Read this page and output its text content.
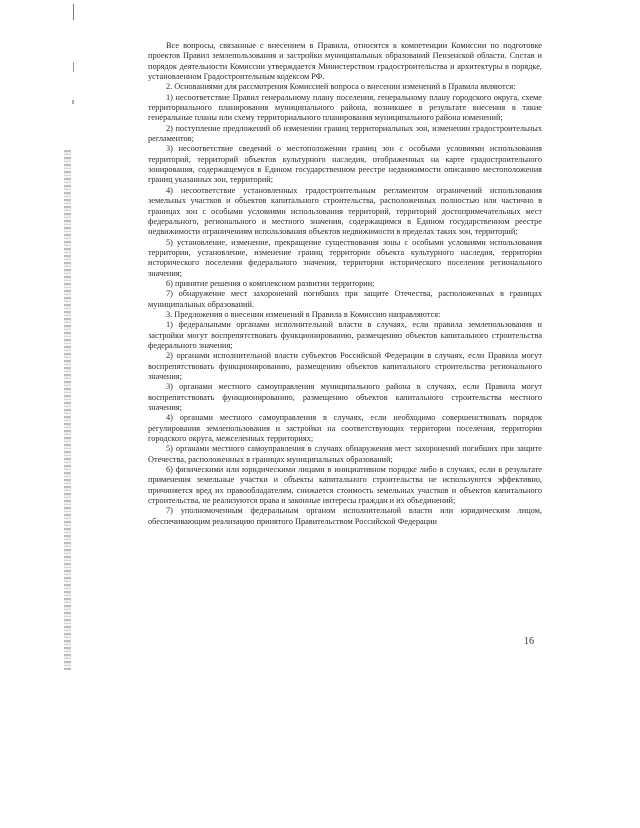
Все вопросы, связанные с внесением в Правила, относятся к компетенции Комиссии по подготовке проектов Правил землепользования и застройки муниципальных образований Пензенской области. Состав и порядок деятельности Комиссии утверждается Министерством градостроительства и архитектуры в порядке, установленном Градостроительным кодексом РФ.

2. Основаниями для рассмотрения Комиссией вопроса о внесении изменений в Правила являются:

1) несоответствие Правил генеральному плану поселения, генеральному плану городского округа, схеме территориального планирования муниципального района, возникшее в результате внесения в такие генеральные планы или схему территориального планирования муниципального района изменений;

2) поступление предложений об изменении границ территориальных зон, изменении градостроительных регламентов;

3) несоответствие сведений о местоположении границ зон с особыми условиями использования территорий, территорий объектов культурного наследия, отображенных на карте градостроительного зонирования, содержащемуся в Едином государственном реестре недвижимости описанию местоположения границ указанных зон, территорий;

4) несоответствие установленных градостроительным регламентом ограничений использования земельных участков и объектов капитального строительства, расположенных полностью или частично в границах зон с особыми условиями использования территорий, территорий достопримечательных мест федерального, регионального и местного значения, содержащимся в Едином государственном реестре недвижимости ограничениям использования объектов недвижимости в пределах таких зон, территорий;

5) установление, изменение, прекращение существования зоны с особыми условиями использования территории, установление, изменение границ территории объекта культурного наследия, территории исторического поселения федерального значения, территории исторического поселения регионального значения;

6) принятие решения о комплексном развитии территории;

7) обнаружение мест захоронений погибших при защите Отечества, расположенных в границах муниципальных образований.

3. Предложения о внесении изменений в Правила в Комиссию направляются:

1) федеральными органами исполнительной власти в случаях, если правила землепользования и застройки могут воспрепятствовать функционированию, размещению объектов капитального строительства федерального значения;

2) органами исполнительной власти субъектов Российской Федерации в случаях, если Правила могут воспрепятствовать функционированию, размещению объектов капитального строительства регионального значения;

3) органами местного самоуправления муниципального района в случаях, если Правила могут воспрепятствовать функционированию, размещению объектов капитального строительства местного значения;

4) органами местного самоуправления в случаях, если необходимо совершенствовать порядок регулирования землепользования и застройки на соответствующих территории поселения, территории городского округа, межселенных территориях;

5) органами местного самоуправления в случаях обнаружения мест захоронений погибших при защите Отечества, расположенных в границах муниципальных образований;

6) физическими или юридическими лицами в инициативном порядке либо в случаях, если в результате применения земельные участки и объекты капитального строительства не используются эффективно, причиняется вред их правообладателям, снижается стоимость земельных участков и объектов капитального строительства, не реализуются права и законные интересы граждан и их объединений;

7) уполномоченным федеральным органом исполнительной власти или юридическим лицом, обеспечивающим реализацию принятого Правительством Российской Федерации

16
